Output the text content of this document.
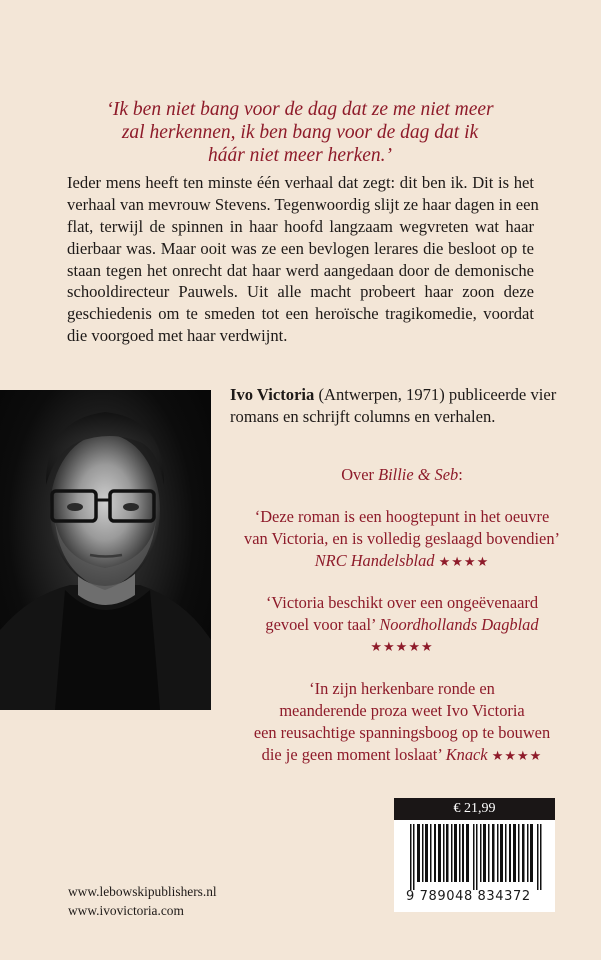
‘Ik ben niet bang voor de dag dat ze me niet meer
zal herkennen, ik ben bang voor de dag dat ik
háár niet meer herken.’
Ieder mens heeft ten minste één verhaal dat zegt: dit ben ik. Dit is het
verhaal van mevrouw Stevens. Tegenwoordig slijt ze haar dagen in een
flat, terwijl de spinnen in haar hoofd langzaam wegvreten wat haar
dierbaar was. Maar ooit was ze een bevlogen lerares die besloot op te
staan tegen het onrecht dat haar werd aangedaan door de demonische
schooldirecteur Pauwels. Uit alle macht probeert haar zoon deze
geschiedenis om te smeden tot een heroïsche tragikomedie, voordat
die voorgoed met haar verdwijnt.
Ivo Victoria (Antwerpen, 1971) publiceerde vier
romans en schrijft columns en verhalen.
Over Billie & Seb:
‘Deze roman is een hoogtepunt in het oeuvre
van Victoria, en is volledig geslaagd bovendien’
NRC Handelsblad ★★★★
‘Victoria beschikt over een ongeëvenaard
gevoel voor taal’ Noordhollands Dagblad
★★★★★
‘In zijn herkenbare ronde en
meanderende proza weet Ivo Victoria
een reusachtige spanningsboog op te bouwen
die je geen moment loslaat’ Knack ★★★★
€ 21,99
9 789048 834372
www.lebowskipublishers.nl
www.ivovictoria.com
